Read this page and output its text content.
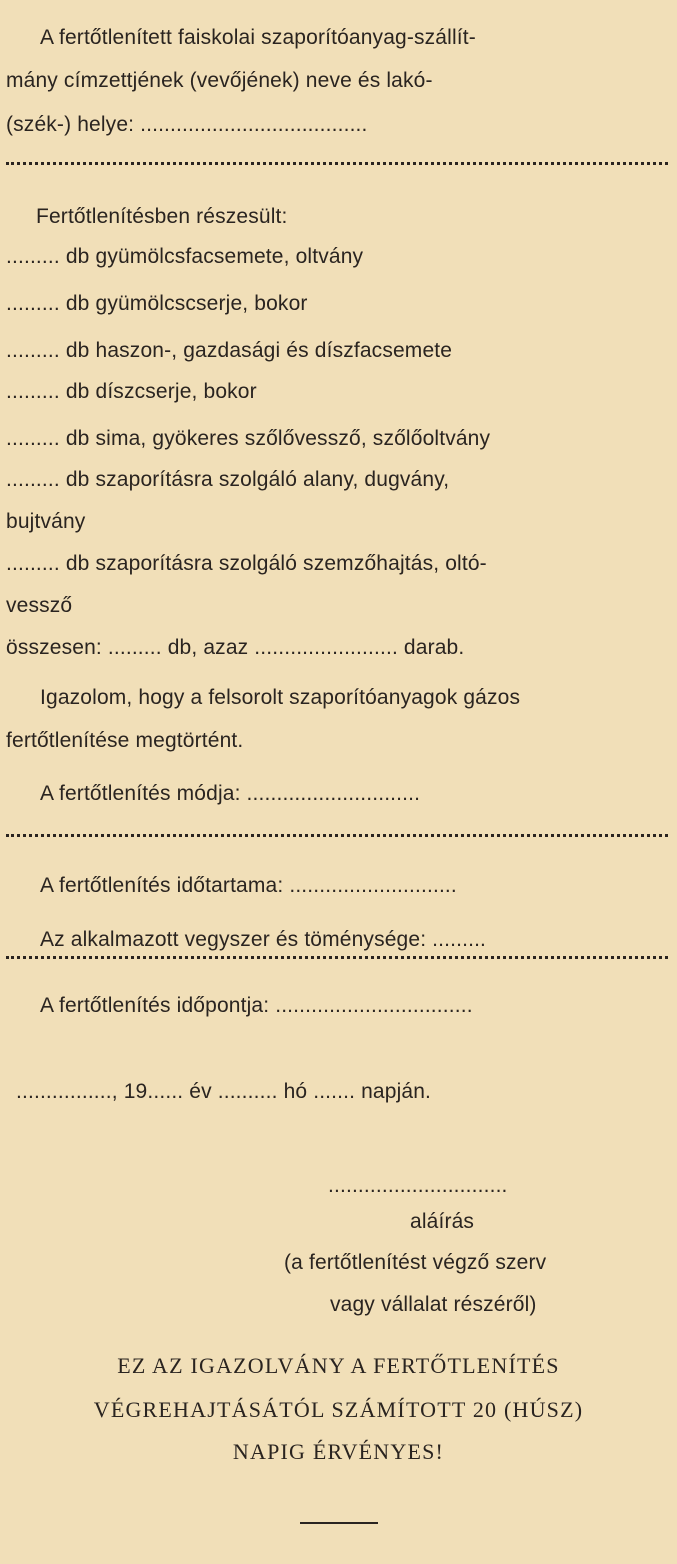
A fertőtlenített faiskolai szaporítóanyag-szállít-
mány címzettjének (vevőjének) neve és lakó-
(szék-) helye: ......................................
Fertőtlenítésben részesült:
......... db gyümölcsfacsemete, oltvány
......... db gyümölcscserje, bokor
......... db haszon-, gazdasági és díszfacsemete
......... db díszcserje, bokor
......... db sima, gyökeres szőlővessző, szőlőoltvány
......... db szaporításra szolgáló alany, dugvány,
bujtvány
......... db szaporításra szolgáló szemzőhajtás, oltó-
vessző
összesen: ......... db, azaz ........................ darab.
Igazolom, hogy a felsorolt szaporítóanyagok gázos
fertőtlenítése megtörtént.
A fertőtlenítés módja: .............................
A fertőtlenítés időtartama: ............................
Az alkalmazott vegyszer és töménysége: .........
A fertőtlenítés időpontja: .................................
................, 19...... év .......... hó ....... napján.
..............................
aláírás
(a fertőtlenítést végző szerv
vagy vállalat részéről)
EZ AZ IGAZOLVÁNY A FERTŐTLENÍTÉS
VÉGREHAJTÁSÁTÓL SZÁMÍTOTT 20 (HÚSZ)
NAPIG ÉRVÉNYES!
